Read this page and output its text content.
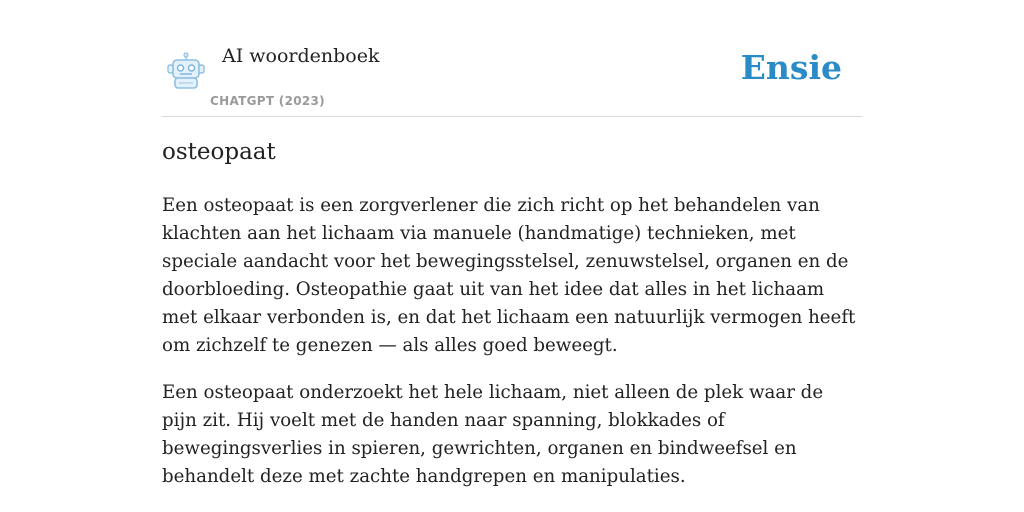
AI woordenboek
CHATGPT (2023)
Ensie
osteopaat

Een osteopaat is een zorgverlener die zich richt op het behandelen van klachten aan het lichaam via manuele (handmatige) technieken, met speciale aandacht voor het bewegingsstelsel, zenuwstelsel, organen en de doorbloeding. Osteopathie gaat uit van het idee dat alles in het lichaam met elkaar verbonden is, en dat het lichaam een natuurlijk vermogen heeft om zichzelf te genezen — als alles goed beweegt.

Een osteopaat onderzoekt het hele lichaam, niet alleen de plek waar de pijn zit. Hij voelt met de handen naar spanning, blokkades of bewegingsverlies in spieren, gewrichten, organen en bindweefsel en behandelt deze met zachte handgrepen en manipulaties.
